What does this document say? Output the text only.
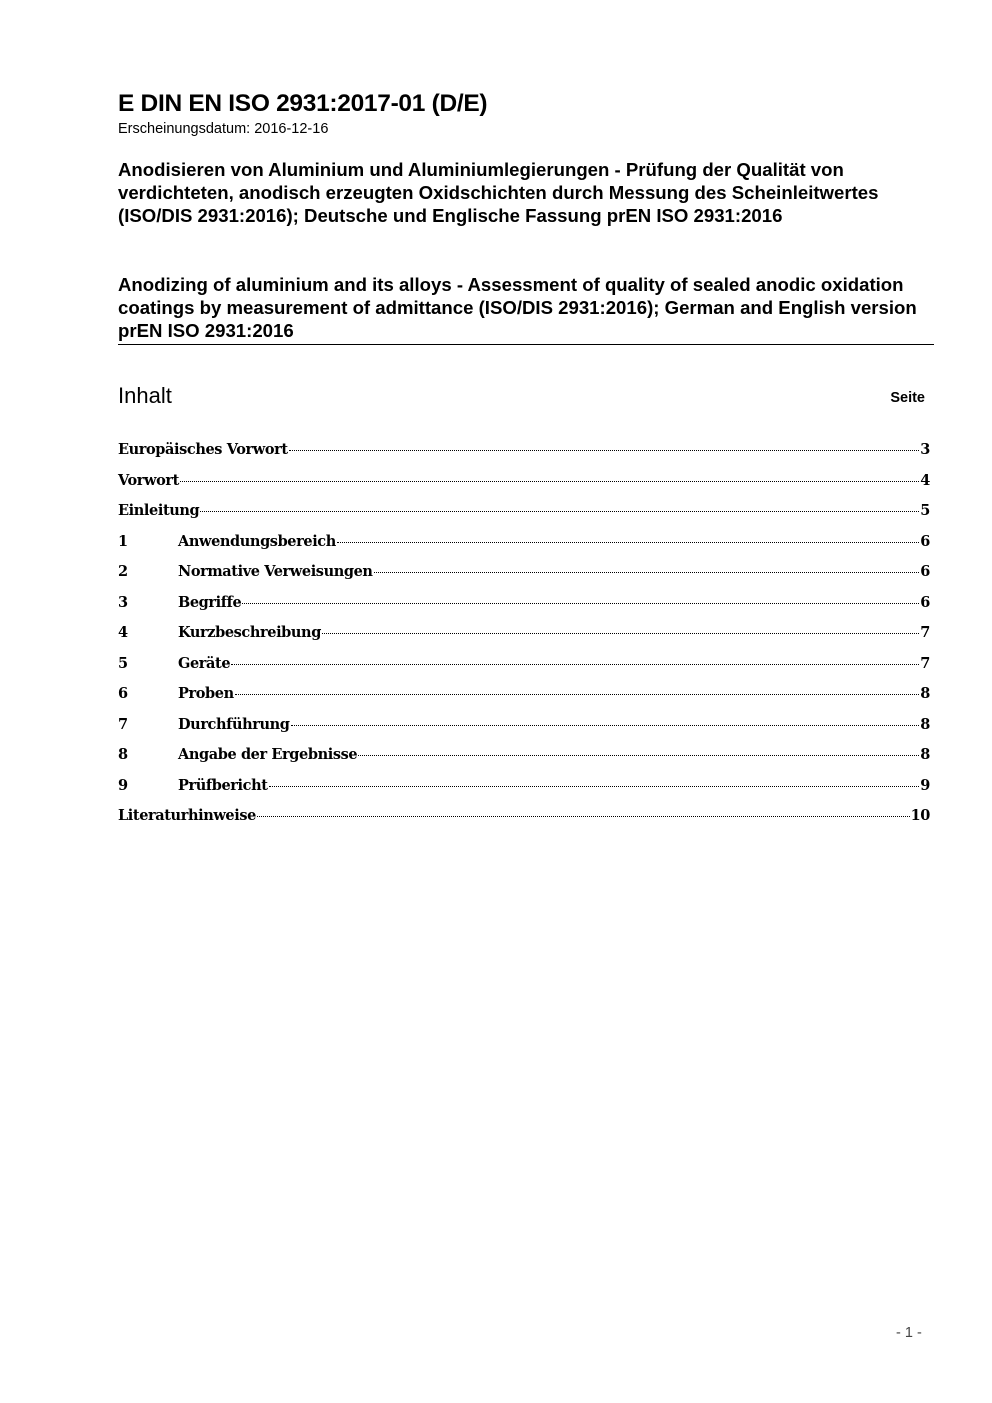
E DIN EN ISO 2931:2017-01 (D/E)
Erscheinungsdatum: 2016-12-16
Anodisieren von Aluminium und Aluminiumlegierungen - Prüfung der Qualität von verdichteten, anodisch erzeugten Oxidschichten durch Messung des Scheinleitwertes (ISO/DIS 2931:2016); Deutsche und Englische Fassung prEN ISO 2931:2016
Anodizing of aluminium and its alloys - Assessment of quality of sealed anodic oxidation coatings by measurement of admittance (ISO/DIS 2931:2016); German and English version prEN ISO 2931:2016
Inhalt	Seite
Europäisches Vorwort	3
Vorwort	4
Einleitung	5
1	Anwendungsbereich	6
2	Normative Verweisungen	6
3	Begriffe	6
4	Kurzbeschreibung	7
5	Geräte	7
6	Proben	8
7	Durchführung	8
8	Angabe der Ergebnisse	8
9	Prüfbericht	9
Literaturhinweise	10
- 1 -
